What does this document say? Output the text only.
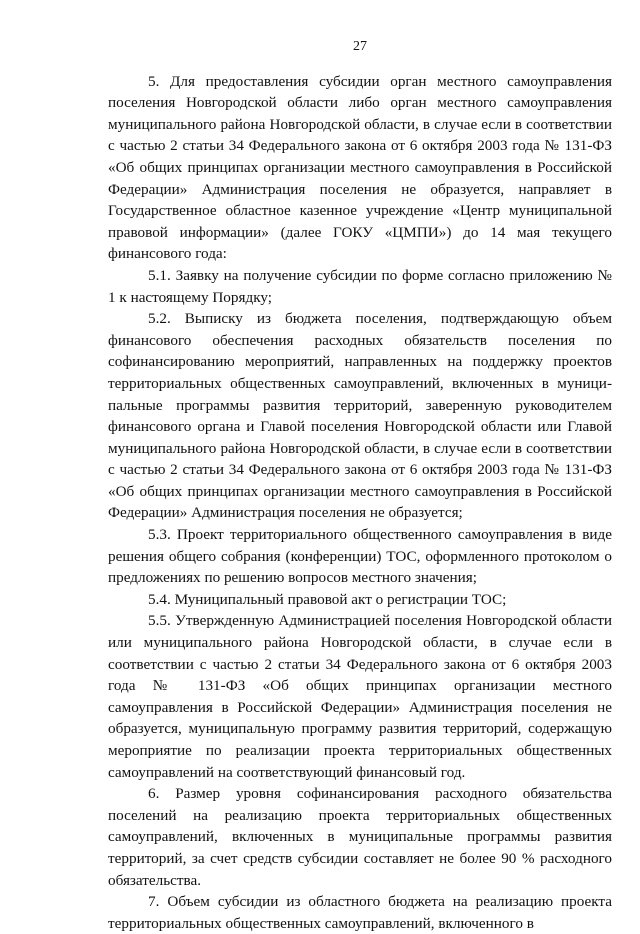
27

5. Для предоставления субсидии орган местного самоуправления поселения Новгородской области либо орган местного самоуправления муниципального района Новгородской области, в случае если в соответствии с частью 2 статьи 34 Федерального закона от 6 октября 2003 года № 131-ФЗ «Об общих принципах организации местного самоуправления в Российской Федерации» Администрация поселения не образуется, направляет в Государственное областное казенное учреждение «Центр муниципальной правовой информации» (далее ГОКУ «ЦМПИ») до 14 мая текущего финансового года:

5.1. Заявку на получение субсидии по форме согласно приложению № 1 к настоящему Порядку;

5.2. Выписку из бюджета поселения, подтверждающую объем финансового обеспечения расходных обязательств поселения по софинансированию мероприятий, направленных на поддержку проектов территориальных общественных самоуправлений, включенных в муници-пальные программы развития территорий, заверенную руководителем финансового органа и Главой поселения Новгородской области или Главой муниципального района Новгородской области, в случае если в соответствии с частью 2 статьи 34 Федерального закона от 6 октября 2003 года № 131-ФЗ «Об общих принципах организации местного самоуправления в Российской Федерации» Администрация поселения не образуется;

5.3. Проект территориального общественного самоуправления в виде решения общего собрания (конференции) ТОС, оформленного протоколом о предложениях по решению вопросов местного значения;

5.4. Муниципальный правовой акт о регистрации ТОС;

5.5. Утвержденную Администрацией поселения Новгородской области или муниципального района Новгородской области, в случае если в соответствии с частью 2 статьи 34 Федерального закона от 6 октября 2003 года № 131-ФЗ «Об общих принципах организации местного самоуправления в Российской Федерации» Администрация поселения не образуется, муниципальную программу развития территорий, содержащую мероприятие по реализации проекта территориальных общественных самоуправлений на соответствующий финансовый год.

6. Размер уровня софинансирования расходного обязательства поселений на реализацию проекта территориальных общественных самоуправлений, включенных в муниципальные программы развития территорий, за счет средств субсидии составляет не более 90 % расходного обязательства.

7. Объем субсидии из областного бюджета на реализацию проекта территориальных общественных самоуправлений, включенного в
